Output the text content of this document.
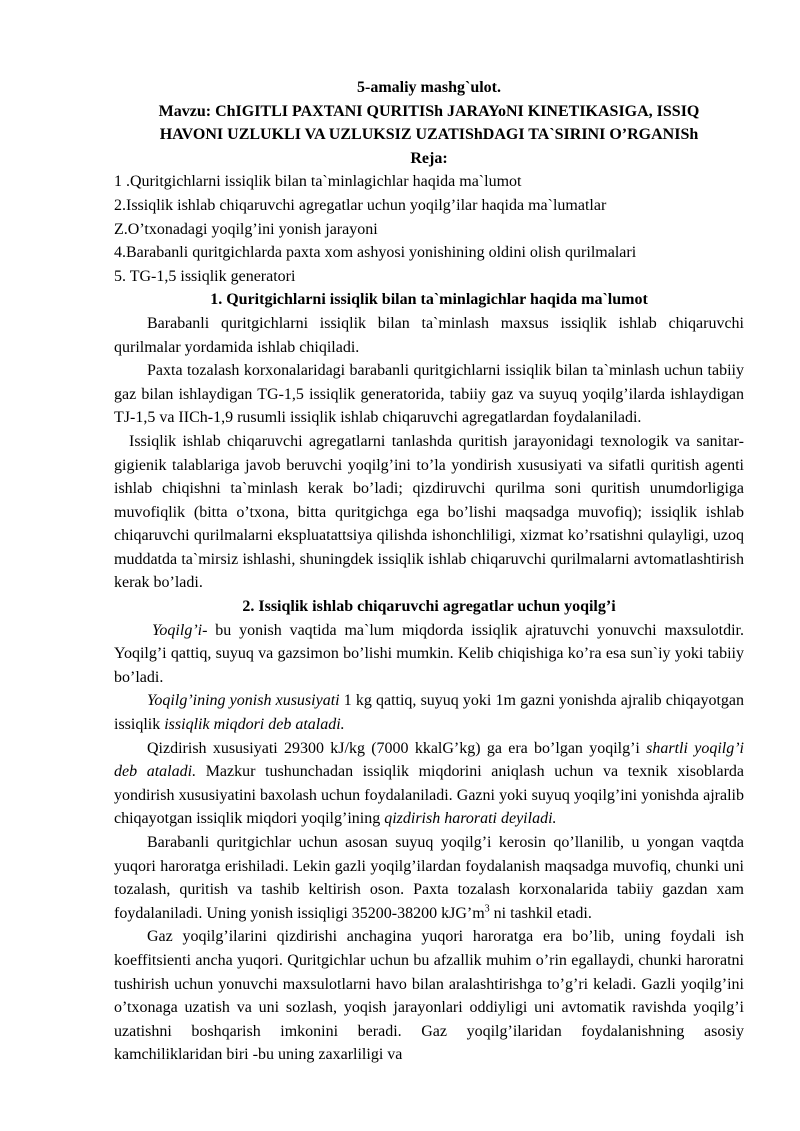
5-amaliy mashg`ulot.
Mavzu: ChIGITLI PAXTANI QURITISh JARAYoNI KINETIKASIGA, ISSIQ
HAVONI UZLUKLI VA UZLUKSIZ UZATIShDAGI TA`SIRINI O’RGANISh
Reja:
1 .Quritgichlarni issiqlik bilan ta`minlagichlar haqida ma`lumot
2.Issiqlik ishlab chiqaruvchi agregatlar uchun yoqilg’ilar haqida ma`lumatlar
Z.O’txonadagi yoqilg’ini yonish jarayoni
4.Barabanli quritgichlarda paxta xom ashyosi yonishining oldini olish qurilmalari
5. TG-1,5 issiqlik generatori
1. Quritgichlarni issiqlik bilan ta`minlagichlar haqida ma`lumot

Barabanli quritgichlarni issiqlik bilan ta`minlash maxsus issiqlik ishlab chiqaruvchi qurilmalar yordamida ishlab chiqiladi.

Paxta tozalash korxonalaridagi barabanli quritgichlarni issiqlik bilan ta`minlash uchun tabiiy gaz bilan ishlaydigan TG-1,5 issiqlik generatorida, tabiiy gaz va suyuq yoqilg’ilarda ishlaydigan TJ-1,5 va IICh-1,9 rusumli issiqlik ishlab chiqaruvchi agregatlardan foydalaniladi.

Issiqlik ishlab chiqaruvchi agregatlarni tanlashda quritish jarayonidagi texnologik va sanitar-gigienik talablariga javob beruvchi yoqilg’ini to’la yondirish xususiyati va sifatli quritish agenti ishlab chiqishni ta`minlash kerak bo’ladi; qizdiruvchi qurilma soni quritish unumdorligiga muvofiqlik (bitta o’txona, bitta quritgichga ega bo’lishi maqsadga muvofiq); issiqlik ishlab chiqaruvchi qurilmalarni ekspluatattsiya qilishda ishonchliligi, xizmat ko’rsatishni qulayligi, uzoq muddatda ta`mirsiz ishlashi, shuningdek issiqlik ishlab chiqaruvchi qurilmalarni avtomatlashtirish kerak bo’ladi.

2. Issiqlik ishlab chiqaruvchi agregatlar uchun yoqilg’i

Yoqilg’i- bu yonish vaqtida ma`lum miqdorda issiqlik ajratuvchi yonuvchi maxsulotdir. Yoqilg’i qattiq, suyuq va gazsimon bo’lishi mumkin. Kelib chiqishiga ko’ra esa sun`iy yoki tabiiy bo’ladi.

Yoqilg’ining yonish xususiyati 1 kg qattiq, suyuq yoki 1m gazni yonishda ajralib chiqayotgan issiqlik issiqlik miqdori deb ataladi.

Qizdirish xususiyati 29300 kJ/kg (7000 kkalG’kg) ga era bo’lgan yoqilg’i shartli yoqilg’i deb ataladi. Mazkur tushunchadan issiqlik miqdorini aniqlash uchun va texnik xisoblarda yondirish xususiyatini baxolash uchun foydalaniladi. Gazni yoki suyuq yoqilg’ini yonishda ajralib chiqayotgan issiqlik miqdori yoqilg’ining qizdirish harorati deyiladi.

Barabanli quritgichlar uchun asosan suyuq yoqilg’i kerosin qo’llanilib, u yongan vaqtda yuqori haroratga erishiladi. Lekin gazli yoqilg’ilardan foydalanish maqsadga muvofiq, chunki uni tozalash, quritish va tashib keltirish oson. Paxta tozalash korxonalarida tabiiy gazdan xam foydalaniladi. Uning yonish issiqligi 35200-38200 $kJG’m^3$ ni tashkil etadi.

Gaz yoqilg’ilarini qizdirishi anchagina yuqori haroratga era bo’lib, uning foydali ish koeffitsienti ancha yuqori. Quritgichlar uchun bu afzallik muhim o’rin egallaydi, chunki haroratni tushirish uchun yonuvchi maxsulotlarni havo bilan aralashtirishga to’g’ri keladi. Gazli yoqilg’ini o’txonaga uzatish va uni sozlash, yoqish jarayonlari oddiyligi uni avtomatik ravishda yoqilg’i uzatishni boshqarish imkonini beradi. Gaz yoqilg’ilaridan foydalanishning asosiy kamchiliklaridan biri -bu uning zaxarliligi va
